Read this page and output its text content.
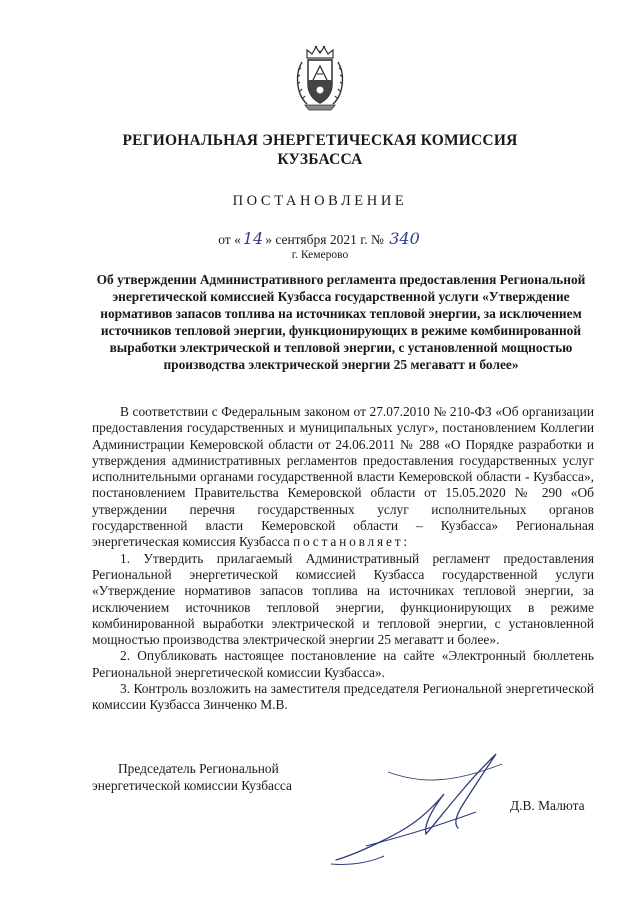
РЕГИОНАЛЬНАЯ ЭНЕРГЕТИЧЕСКАЯ КОМИССИЯ
КУЗБАССА
ПОСТАНОВЛЕНИЕ
от « 14 » сентября 2021 г. № 340
г. Кемерово
Об утверждении Административного регламента предоставления Региональной энергетической комиссией Кузбасса государственной услуги «Утверждение нормативов запасов топлива на источниках тепловой энергии, за исключением источников тепловой энергии, функционирующих в режиме комбинированной выработки электрической и тепловой энергии, с установленной мощностью производства электрической энергии 25 мегаватт и более»

В соответствии с Федеральным законом от 27.07.2010 № 210-ФЗ «Об организации предоставления государственных и муниципальных услуг», постановлением Коллегии Администрации Кемеровской области от 24.06.2011 № 288 «О Порядке разработки и утверждения административных регламентов предоставления государственных услуг исполнительными органами государственной власти Кемеровской области - Кузбасса», постановлением Правительства Кемеровской области от 15.05.2020 № 290 «Об утверждении перечня государственных услуг исполнительных органов государственной власти Кемеровской области – Кузбасса» Региональная энергетическая комиссия Кузбасса постановляет:

1. Утвердить прилагаемый Административный регламент предоставления Региональной энергетической комиссией Кузбасса государственной услуги «Утверждение нормативов запасов топлива на источниках тепловой энергии, за исключением источников тепловой энергии, функционирующих в режиме комбинированной выработки электрической и тепловой энергии, с установленной мощностью производства электрической энергии 25 мегаватт и более».

2. Опубликовать настоящее постановление на сайте «Электронный бюллетень Региональной энергетической комиссии Кузбасса».

3. Контроль возложить на заместителя председателя Региональной энергетической комиссии Кузбасса Зинченко М.В.

Председатель Региональной
энергетической комиссии Кузбасса
Д.В. Малюта
